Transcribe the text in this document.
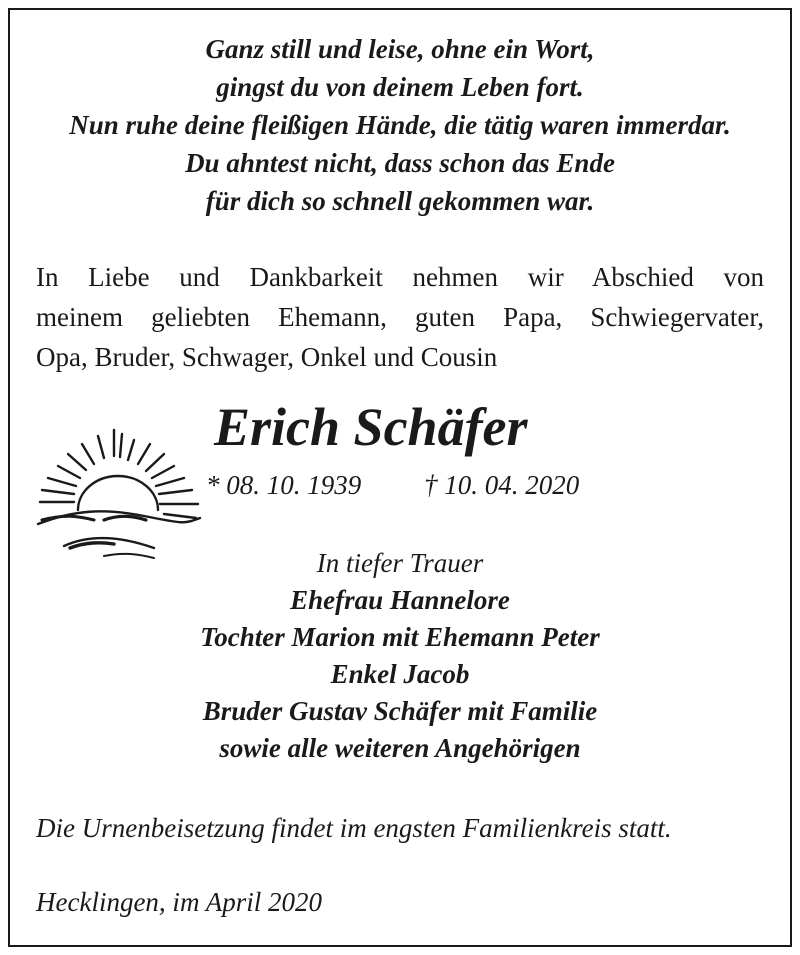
Ganz still und leise, ohne ein Wort,
gingst du von deinem Leben fort.
Nun ruhe deine fleißigen Hände, die tätig waren immerdar.
Du ahntest nicht, dass schon das Ende
für dich so schnell gekommen war.
In Liebe und Dankbarkeit nehmen wir Abschied von
meinem geliebten Ehemann, guten Papa, Schwiegervater,
Opa, Bruder, Schwager, Onkel und Cousin
Erich Schäfer
* 08. 10. 1939 † 10. 04. 2020
In tiefer Trauer
Ehefrau Hannelore
Tochter Marion mit Ehemann Peter
Enkel Jacob
Bruder Gustav Schäfer mit Familie
sowie alle weiteren Angehörigen
Die Urnenbeisetzung findet im engsten Familienkreis statt.
Hecklingen, im April 2020
